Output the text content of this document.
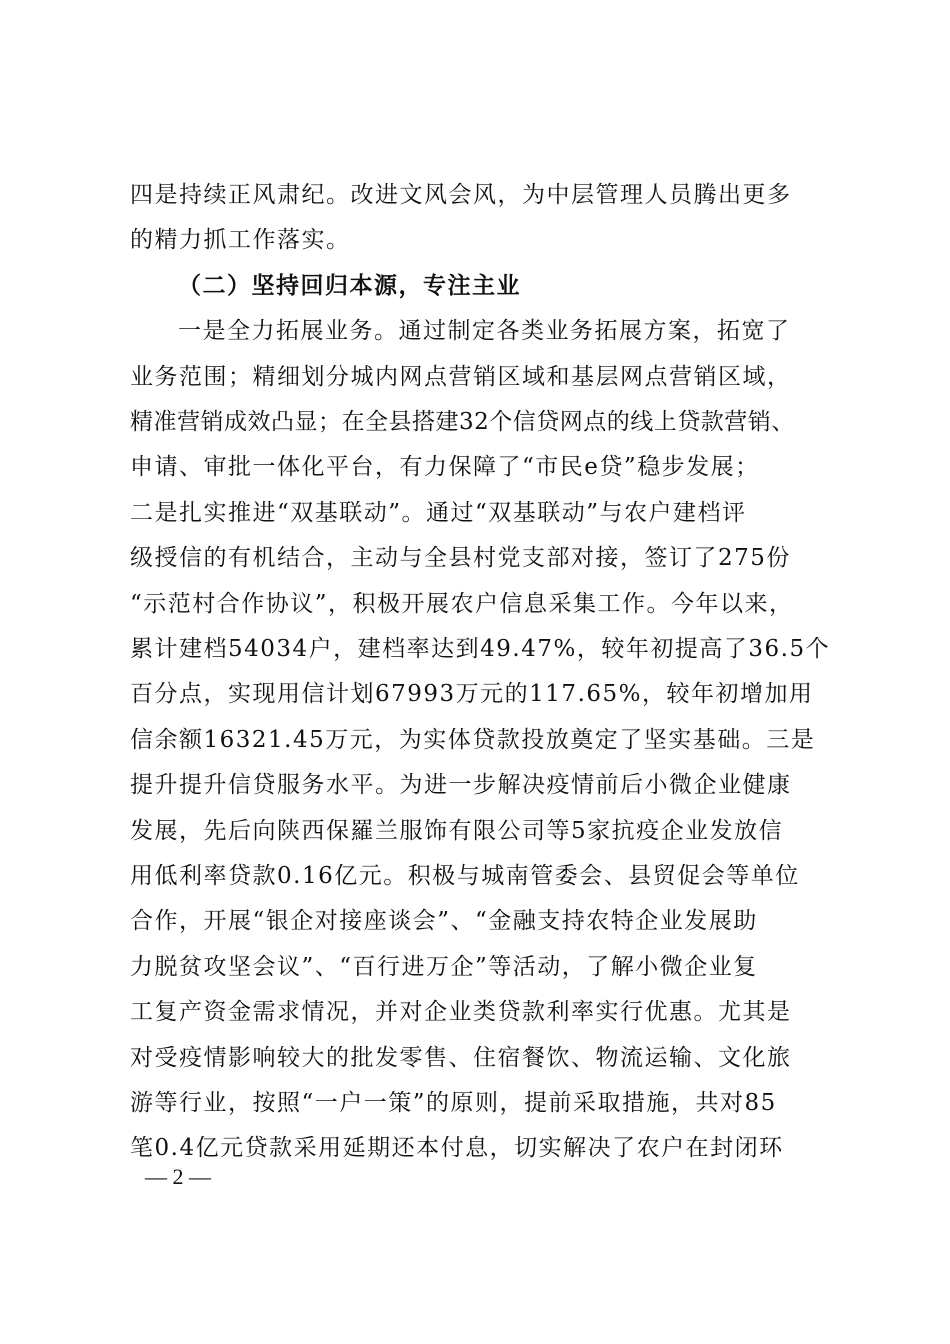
四是持续正风肃纪。改进文风会风，为中层管理人员腾出更多
的精力抓工作落实。
（二）坚持回归本源，专注主业
一是全力拓展业务。通过制定各类业务拓展方案，拓宽了
业务范围；精细划分城内网点营销区域和基层网点营销区域，
精准营销成效凸显；在全县搭建32个信贷网点的线上贷款营销、
申请、审批一体化平台，有力保障了“市民e贷”稳步发展；
二是扎实推进“双基联动”。通过“双基联动”与农户建档评
级授信的有机结合，主动与全县村党支部对接，签订了275份
“示范村合作协议”，积极开展农户信息采集工作。今年以来，
累计建档54034户，建档率达到49.47%，较年初提高了36.5个
百分点，实现用信计划67993万元的117.65%，较年初增加用
信余额16321.45万元，为实体贷款投放奠定了坚实基础。三是
提升提升信贷服务水平。为进一步解决疫情前后小微企业健康
发展，先后向陕西保羅兰服饰有限公司等5家抗疫企业发放信
用低利率贷款0.16亿元。积极与城南管委会、县贸促会等单位
合作，开展“银企对接座谈会”、“金融支持农特企业发展助
力脱贫攻坚会议”、“百行进万企”等活动，了解小微企业复
工复产资金需求情况，并对企业类贷款利率实行优惠。尤其是
对受疫情影响较大的批发零售、住宿餐饮、物流运输、文化旅
游等行业，按照“一户一策”的原则，提前采取措施，共对85
笔0.4亿元贷款采用延期还本付息，切实解决了农户在封闭环
— 2 —
